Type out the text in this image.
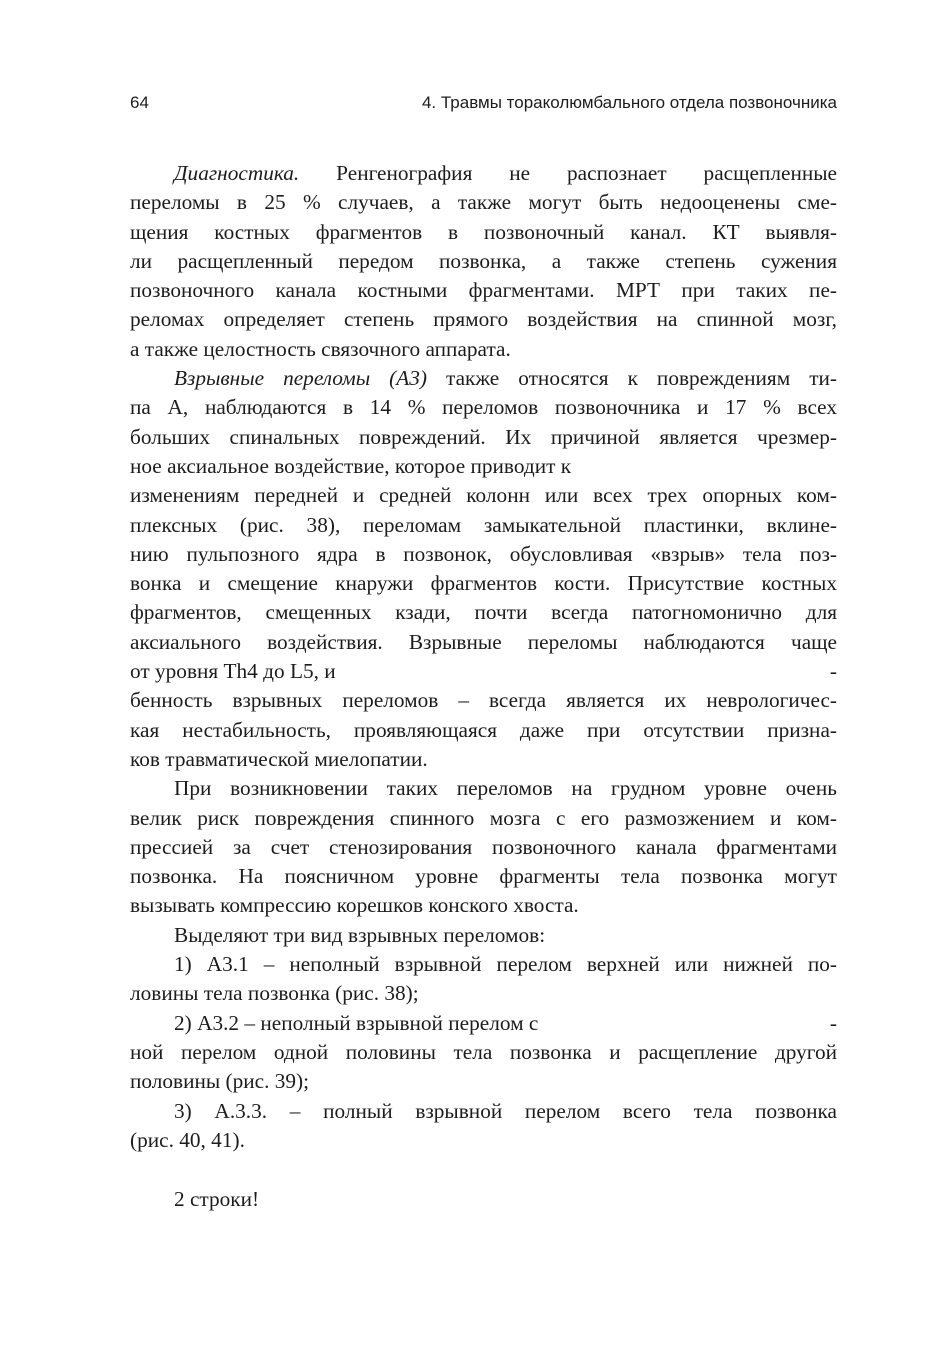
64	4. Травмы тораколюмбального отдела позвоночника
Диагностика. Ренгенография не распознает расщепленные
переломы в 25 % случаев, а также могут быть недооценены сме-
щения костных фрагментов в позвоночный канал. КТ выявля-
ли расщепленный передом позвонка, а также степень сужения
позвоночного канала костными фрагментами. МРТ при таких пе-
реломах определяет степень прямого воздействия на спинной мозг,
а также целостность связочного аппарата.
Взрывные переломы (А3) также относятся к повреждениям ти-
па А, наблюдаются в 14 % переломов позвоночника и 17 % всех
больших спинальных повреждений. Их причиной является чрезмер-
ное аксиальное воздействие, которое приводит к
изменениям передней и средней колонн или всех трех опорных ком-
плексных (рис. 38), переломам замыкательной пластинки, вклине-
нию пульпозного ядра в позвонок, обусловливая «взрыв» тела поз-
вонка и смещение кнаружи фрагментов кости. Присутствие костных
фрагментов, смещенных кзади, почти всегда патогномонично для
аксиального воздействия. Взрывные переломы наблюдаются чаще
от уровня Th4 до L5, и	-
бенность взрывных переломов – всегда является их неврологичес-
кая нестабильность, проявляющаяся даже при отсутствии призна-
ков травматической миелопатии.
При возникновении таких переломов на грудном уровне очень
велик риск повреждения спинного мозга с его размозжением и ком-
прессией за счет стенозирования позвоночного канала фрагментами
позвонка. На поясничном уровне фрагменты тела позвонка могут
вызывать компрессию корешков конского хвоста.
Выделяют три вид взрывных переломов:
1) А3.1 – неполный взрывной перелом верхней или нижней по-
ловины тела позвонка (рис. 38);
2) А3.2 – неполный взрывной перелом с	-
ной перелом одной половины тела позвонка и расщепление другой
половины (рис. 39);
3) А.3.3. – полный взрывной перелом всего тела позвонка
(рис. 40, 41).
2 строки!
